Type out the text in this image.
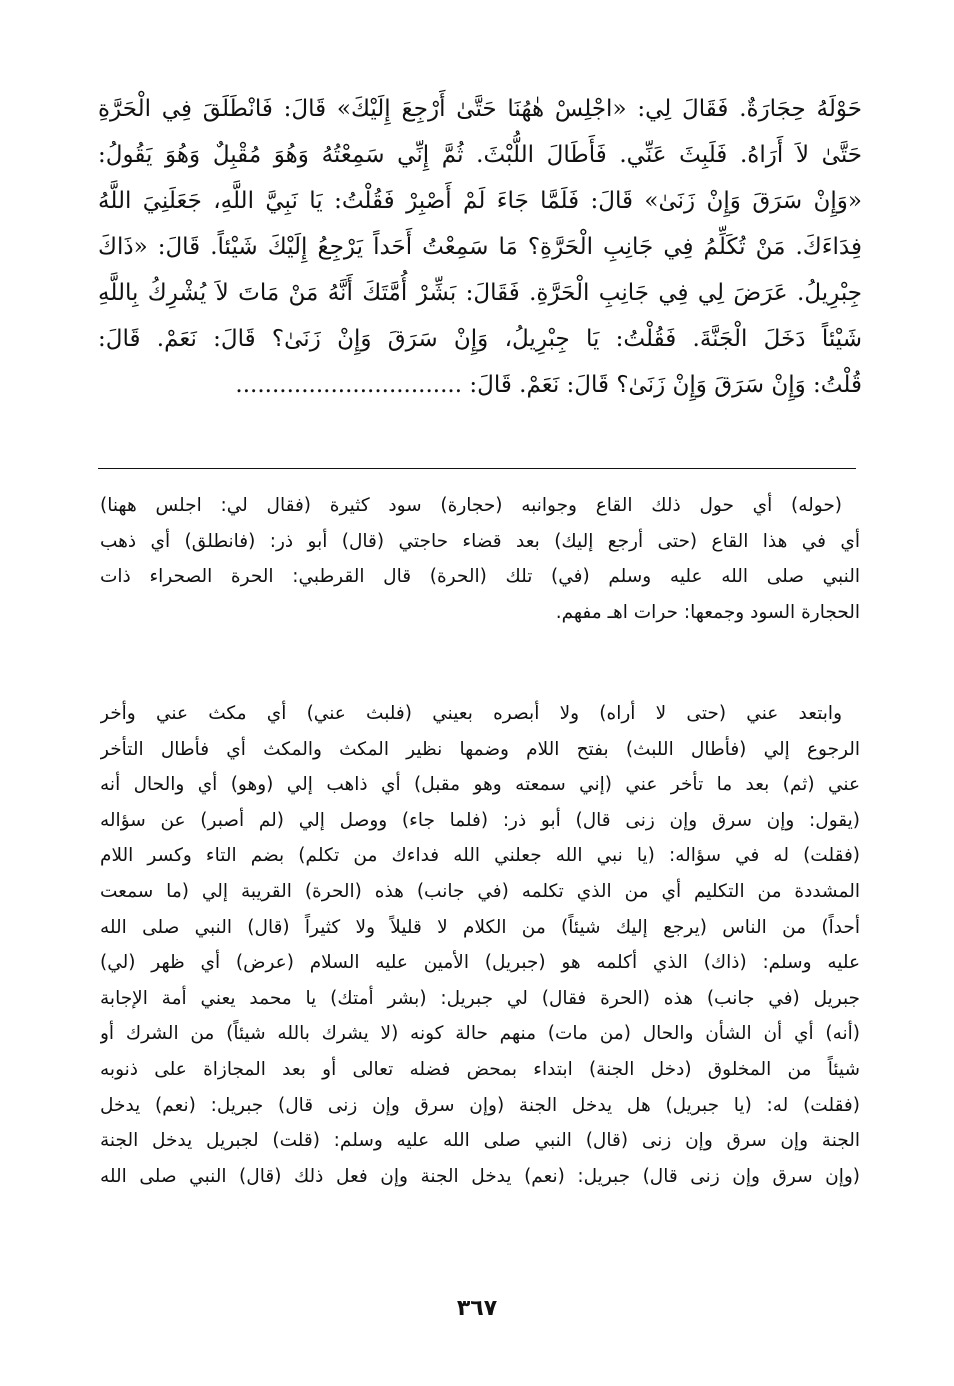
حَوْلَهُ حِجَارَةٌ. فَقَالَ لِي: «اجْلِسْ هٰهُنَا حَتَّىٰ أَرْجِعَ إِلَيْكَ» قَالَ: فَانْطَلَقَ فِي الْحَرَّةِ
حَتَّىٰ لاَ أَرَاهُ. فَلَبِثَ عَنِّي. فَأَطَالَ اللُّبْثَ. ثُمَّ إِنِّي سَمِعْتُهُ وَهُوَ مُقْبِلٌ وَهُوَ يَقُولُ:
«وَإِنْ سَرَقَ وَإِنْ زَنَىٰ» قَالَ: فَلَمَّا جَاءَ لَمْ أَصْبِرْ فَقُلْتُ: يَا نَبِيَّ اللَّهِ، جَعَلَنِيَ اللَّهُ
فِدَاءَكَ. مَنْ تُكَلِّمُ فِي جَانِبِ الْحَرَّةِ؟ مَا سَمِعْتُ أَحَداً يَرْجِعُ إِلَيْكَ شَيْئاً. قَالَ: «ذَاكَ
جِبْرِيلُ. عَرَضَ لِي فِي جَانِبِ الْحَرَّةِ. فَقَالَ: بَشِّرْ أُمَّتَكَ أَنَّهُ مَنْ مَاتَ لاَ يُشْرِكُ بِاللَّهِ
شَيْئاً دَخَلَ الْجَنَّةَ. فَقُلْتُ: يَا جِبْرِيلُ، وَإِنْ سَرَقَ وَإِنْ زَنَىٰ؟ قَالَ: نَعَمْ. قَالَ:
قُلْتُ: وَإِنْ سَرَقَ وَإِنْ زَنَىٰ؟ قَالَ: نَعَمْ. قَالَ: ...............................

(حوله) أي حول ذلك القاع وجوانبه (حجارة) سود كثيرة (فقال لي: اجلس ههنا)
أي في هذا القاع (حتى أرجع إليك) بعد قضاء حاجتي (قال) أبو ذر: (فانطلق) أي ذهب
النبي صلى الله عليه وسلم (في) تلك (الحرة) قال القرطبي: الحرة الصحراء ذات
الحجارة السود وجمعها: حرات اهـ مفهم.

وابتعد عني (حتى لا أراه) ولا أبصره بعيني (فلبث عني) أي مكث عني وأخر
الرجوع إلي (فأطال اللبث) بفتح اللام وضمها نظير المكث والمكث أي فأطال التأخر
عني (ثم) بعد ما تأخر عني (إني سمعته وهو مقبل) أي ذاهب إلي (وهو) أي والحال أنه
(يقول: وإن سرق وإن زنى قال) أبو ذر: (فلما جاء) ووصل إلي (لم أصبر) عن سؤاله
(فقلت) له في سؤاله: (يا نبي الله جعلني الله فداءك من تكلم) بضم التاء وكسر اللام
المشددة من التكليم أي من الذي تكلمه (في جانب) هذه (الحرة) القريبة إلي (ما سمعت
أحداً) من الناس (يرجع إليك شيئاً) من الكلام لا قليلاً ولا كثيراً (قال) النبي صلى الله
عليه وسلم: (ذاك) الذي أكلمه هو (جبريل) الأمين عليه السلام (عرض) أي ظهر (لي)
جبريل (في جانب) هذه (الحرة فقال) لي جبريل: (بشر أمتك) يا محمد يعني أمة الإجابة
(أنه) أي أن الشأن والحال (من مات) منهم حالة كونه (لا يشرك بالله شيئاً) من الشرك أو
شيئاً من المخلوق (دخل الجنة) ابتداء بمحض فضله تعالى أو بعد المجازاة على ذنوبه
(فقلت) له: (يا جبريل) هل يدخل الجنة (وإن سرق وإن زنى قال) جبريل: (نعم) يدخل
الجنة وإن سرق وإن زنى (قال) النبي صلى الله عليه وسلم: (قلت) لجبريل يدخل الجنة
(وإن سرق وإن زنى قال) جبريل: (نعم) يدخل الجنة وإن فعل ذلك (قال) النبي صلى الله

٣٦٧
